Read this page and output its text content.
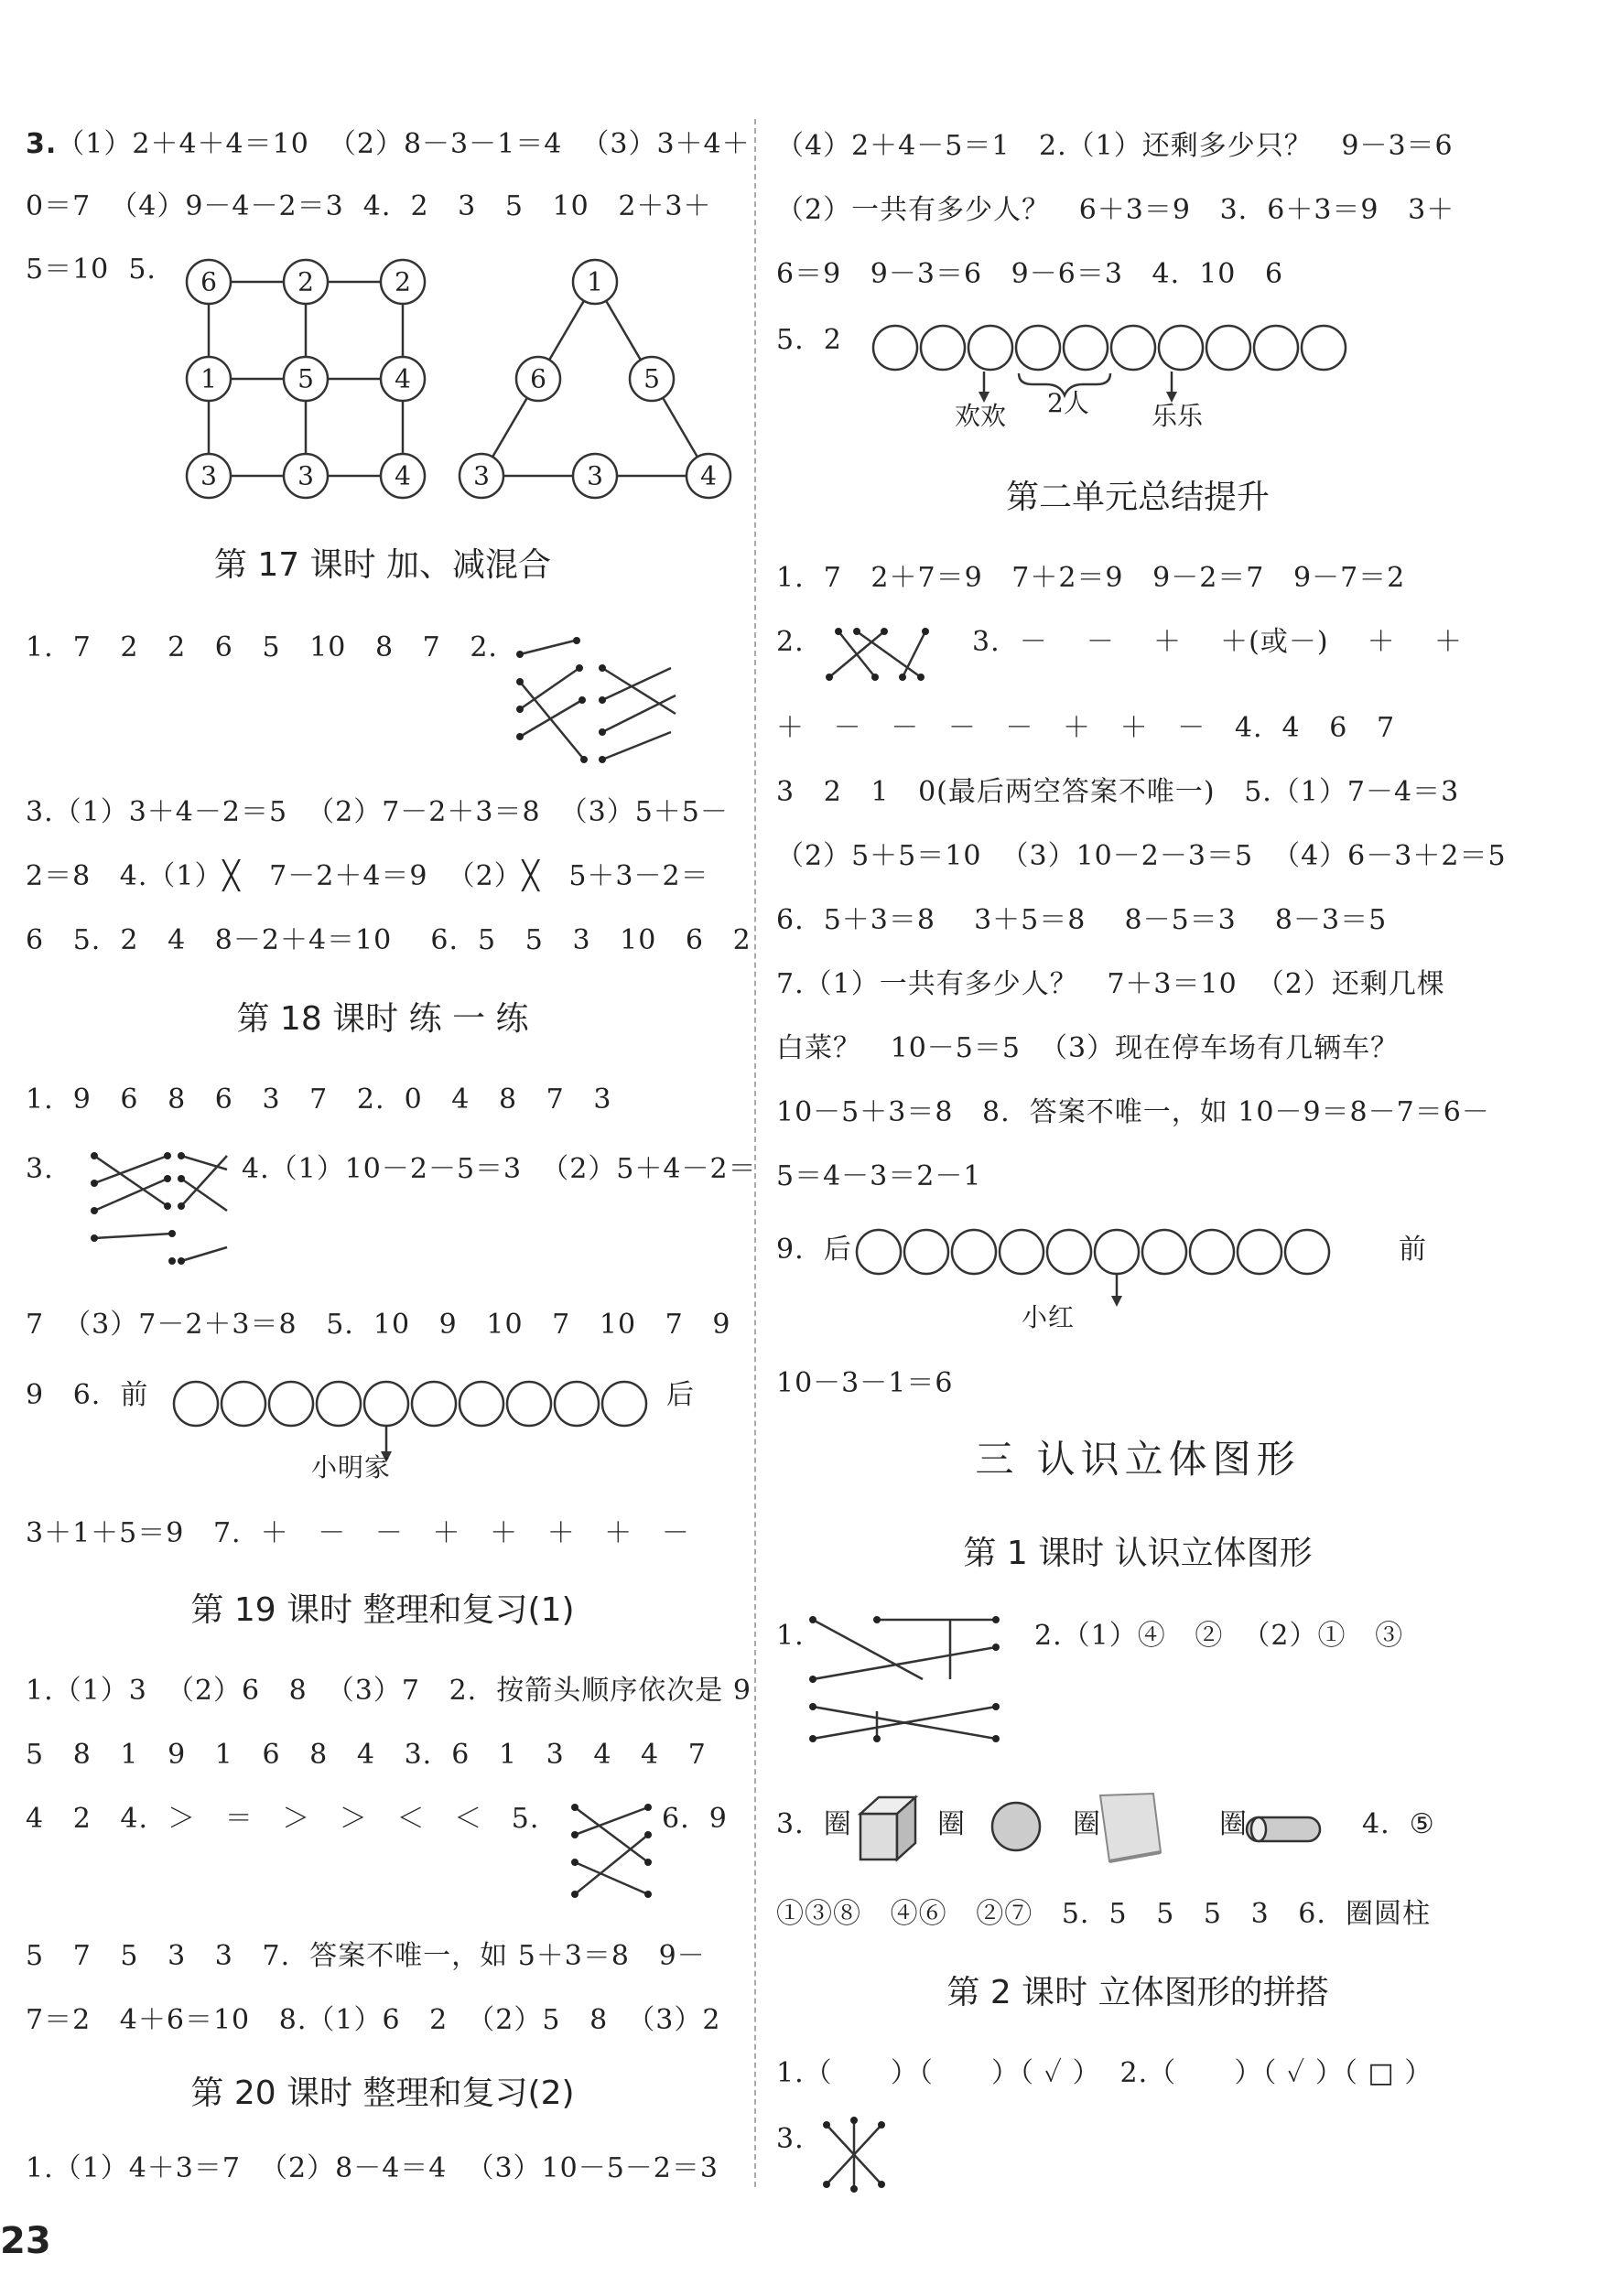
3.（1）2＋4＋4＝10  （2）8－3－1＝4  （3）3＋4＋
0＝7  （4）9－4－2＝3  4.  2   3   5   10   2＋3＋
5＝10  5. 6	2	2
1	5	4
3	3	4
1
6	5
3	3	4
第 17 课时 加、减混合
1.  7   2   2   6   5   10   8   7   2.
3.（1）3＋4－2＝5  （2）7－2＋3＝8  （3）5＋5－
2＝8   4.（1）╳   7－2＋4＝9  （2）╳   5＋3－2＝
6   5.  2   4   8－2＋4＝10    6.  5   5   3   10   6   2
第 18 课时 练 一 练
1.  9   6   8   6   3   7   2.  0   4   8   7   3
3.	4.（1）10－2－5＝3  （2）5＋4－2＝
7  （3）7－2＋3＝8   5.  10   9   10   7   10   7   9
9   6.  前	后
小明家
3＋1＋5＝9   7.  ＋   －   －   ＋   ＋   ＋   ＋   －
第 19 课时 整理和复习(1)
1.（1）3  （2）6   8  （3）7   2.  按箭头顺序依次是 9
5   8   1   9   1   6   8   4   3.  6   1   3   4   4   7
4   2   4.  ＞   ＝   ＞   ＞   ＜   ＜   5.	6.  9
5   7   5   3   3   7.  答案不唯一，如 5＋3＝8   9－
7＝2   4＋6＝10   8.（1）6   2  （2）5   8  （3）2
第 20 课时 整理和复习(2)
1.（1）4＋3＝7  （2）8－4＝4  （3）10－5－2＝3
23
（4）2＋4－5＝1   2.（1）还剩多少只？   9－3＝6
（2）一共有多少人？   6＋3＝9   3.  6＋3＝9   3＋
6＝9   9－3＝6   9－6＝3   4.  10   6
5.  2
欢欢 2人 乐乐
第二单元总结提升
1.  7   2＋7＝9   7＋2＝9   9－2＝7   9－7＝2
2.	3.  －    －    ＋    ＋(或－)    ＋    ＋
＋   －   －   －   －   ＋   ＋   －   4.  4   6   7
3   2   1   0(最后两空答案不唯一)   5.（1）7－4＝3
（2）5＋5＝10  （3）10－2－3＝5  （4）6－3＋2＝5
6.  5＋3＝8    3＋5＝8    8－5＝3    8－3＝5
7.（1）一共有多少人？   7＋3＝10  （2）还剩几棵
白菜？   10－5＝5  （3）现在停车场有几辆车？
10－5＋3＝8   8.  答案不唯一，如 10－9＝8－7＝6－
5＝4－3＝2－1
9.  后	前
小红
10－3－1＝6
三 认识立体图形
第 1 课时 认识立体图形
1.	2.（1）④   ②  （2）①   ③
3.  圈	圈	圈	圈	4.  ⑤
①③⑧   ④⑥   ②⑦   5.  5   5   5   3   6.  圈圆柱
第 2 课时 立体图形的拼搭
1.（      ）（      ）（ ✓ ）  2.（      ）（ ✓ ）（ □ ）
3.
